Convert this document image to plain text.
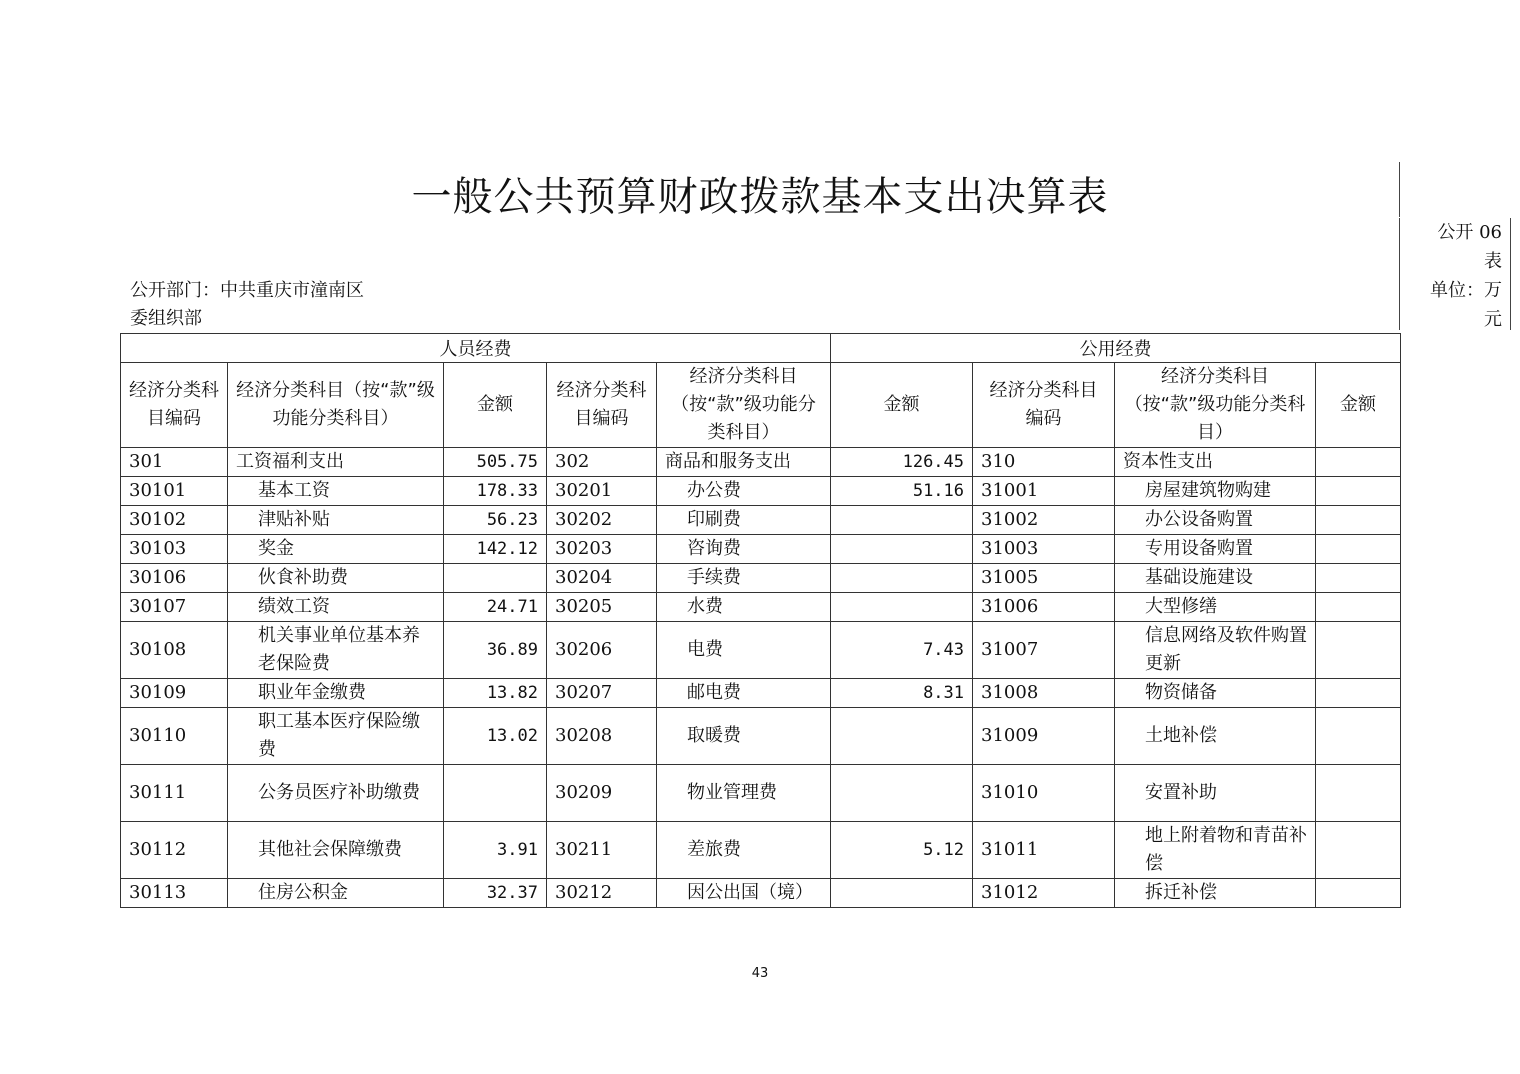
一般公共预算财政拨款基本支出决算表
公开 06
表
单位：万
元
公开部门：中共重庆市潼南区
委组织部
人员经费					公用经费			
经济分类科目编码	经济分类科目（按“款”级功能分类科目）	金额	经济分类科目编码	经济分类科目（按“款”级功能分类科目）	金额	经济分类科目编码	经济分类科目（按“款”级功能分类科目）	金额
301	工资福利支出	505.75	302	商品和服务支出	126.45	310	资本性支出	
30101	基本工资	178.33	30201	办公费	51.16	31001	房屋建筑物购建	
30102	津贴补贴	56.23	30202	印刷费		31002	办公设备购置	
30103	奖金	142.12	30203	咨询费		31003	专用设备购置	
30106	伙食补助费		30204	手续费		31005	基础设施建设	
30107	绩效工资	24.71	30205	水费		31006	大型修缮	
30108	机关事业单位基本养老保险费	36.89	30206	电费	7.43	31007	信息网络及软件购置更新	
30109	职业年金缴费	13.82	30207	邮电费	8.31	31008	物资储备	
30110	职工基本医疗保险缴费	13.02	30208	取暖费		31009	土地补偿	
30111	公务员医疗补助缴费		30209	物业管理费		31010	安置补助	
30112	其他社会保障缴费	3.91	30211	差旅费	5.12	31011	地上附着物和青苗补偿	
30113	住房公积金	32.37	30212	因公出国（境）		31012	拆迁补偿	
43
